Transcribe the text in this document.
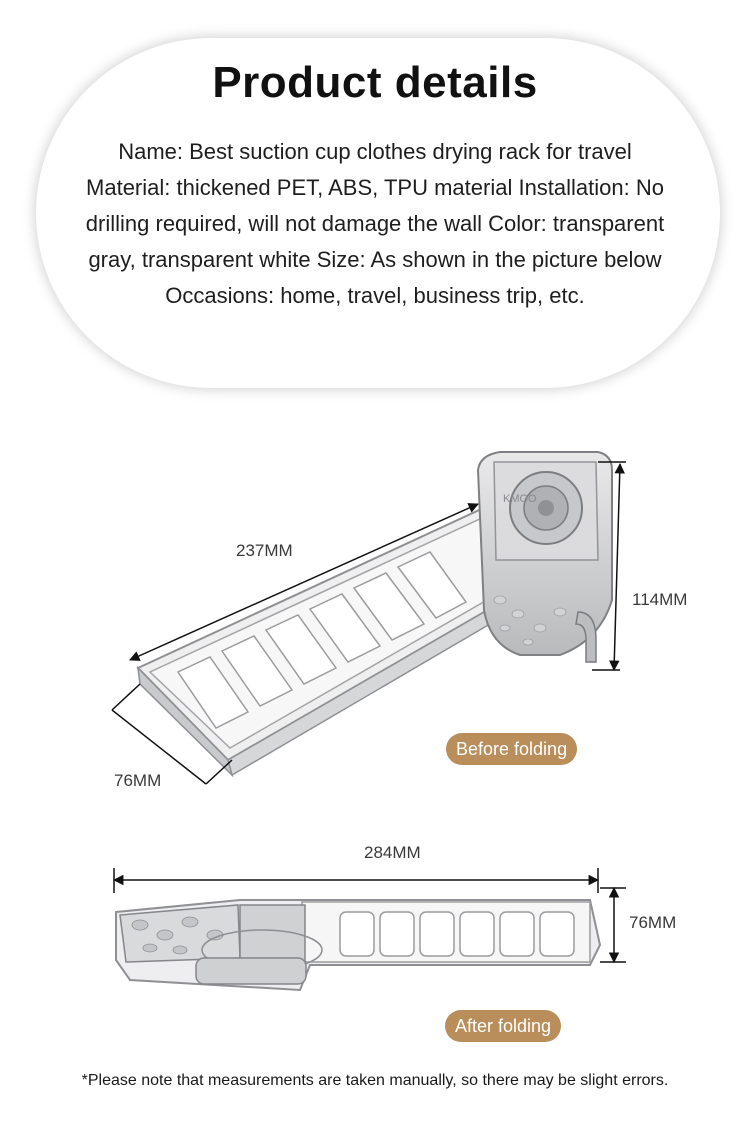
Product details
Name: Best suction cup clothes drying rack for travel Material: thickened PET, ABS, TPU material Installation: No drilling required, will not damage the wall Color: transparent gray, transparent white Size: As shown in the picture below Occasions: home, travel, business trip, etc.
KMOO
237MM
114MM
76MM
Before folding
284MM
76MM
After folding
*Please note that measurements are taken manually, so there may be slight errors.
